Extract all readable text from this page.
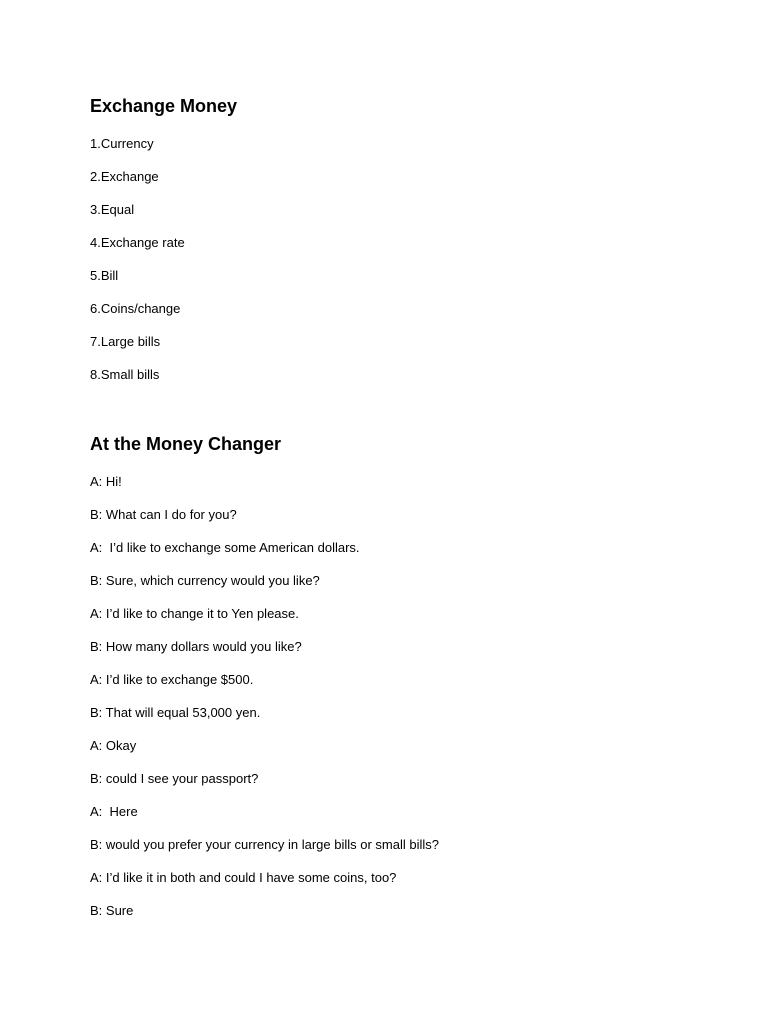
Exchange Money
1.Currency
2.Exchange
3.Equal
4.Exchange rate
5.Bill
6.Coins/change
7.Large bills
8.Small bills
At the Money Changer
A: Hi!
B: What can I do for you?
A:  I’d like to exchange some American dollars.
B: Sure, which currency would you like?
A: I’d like to change it to Yen please.
B: How many dollars would you like?
A: I’d like to exchange $500.
B: That will equal 53,000 yen.
A: Okay
B: could I see your passport?
A:  Here
B: would you prefer your currency in large bills or small bills?
A: I’d like it in both and could I have some coins, too?
B: Sure
